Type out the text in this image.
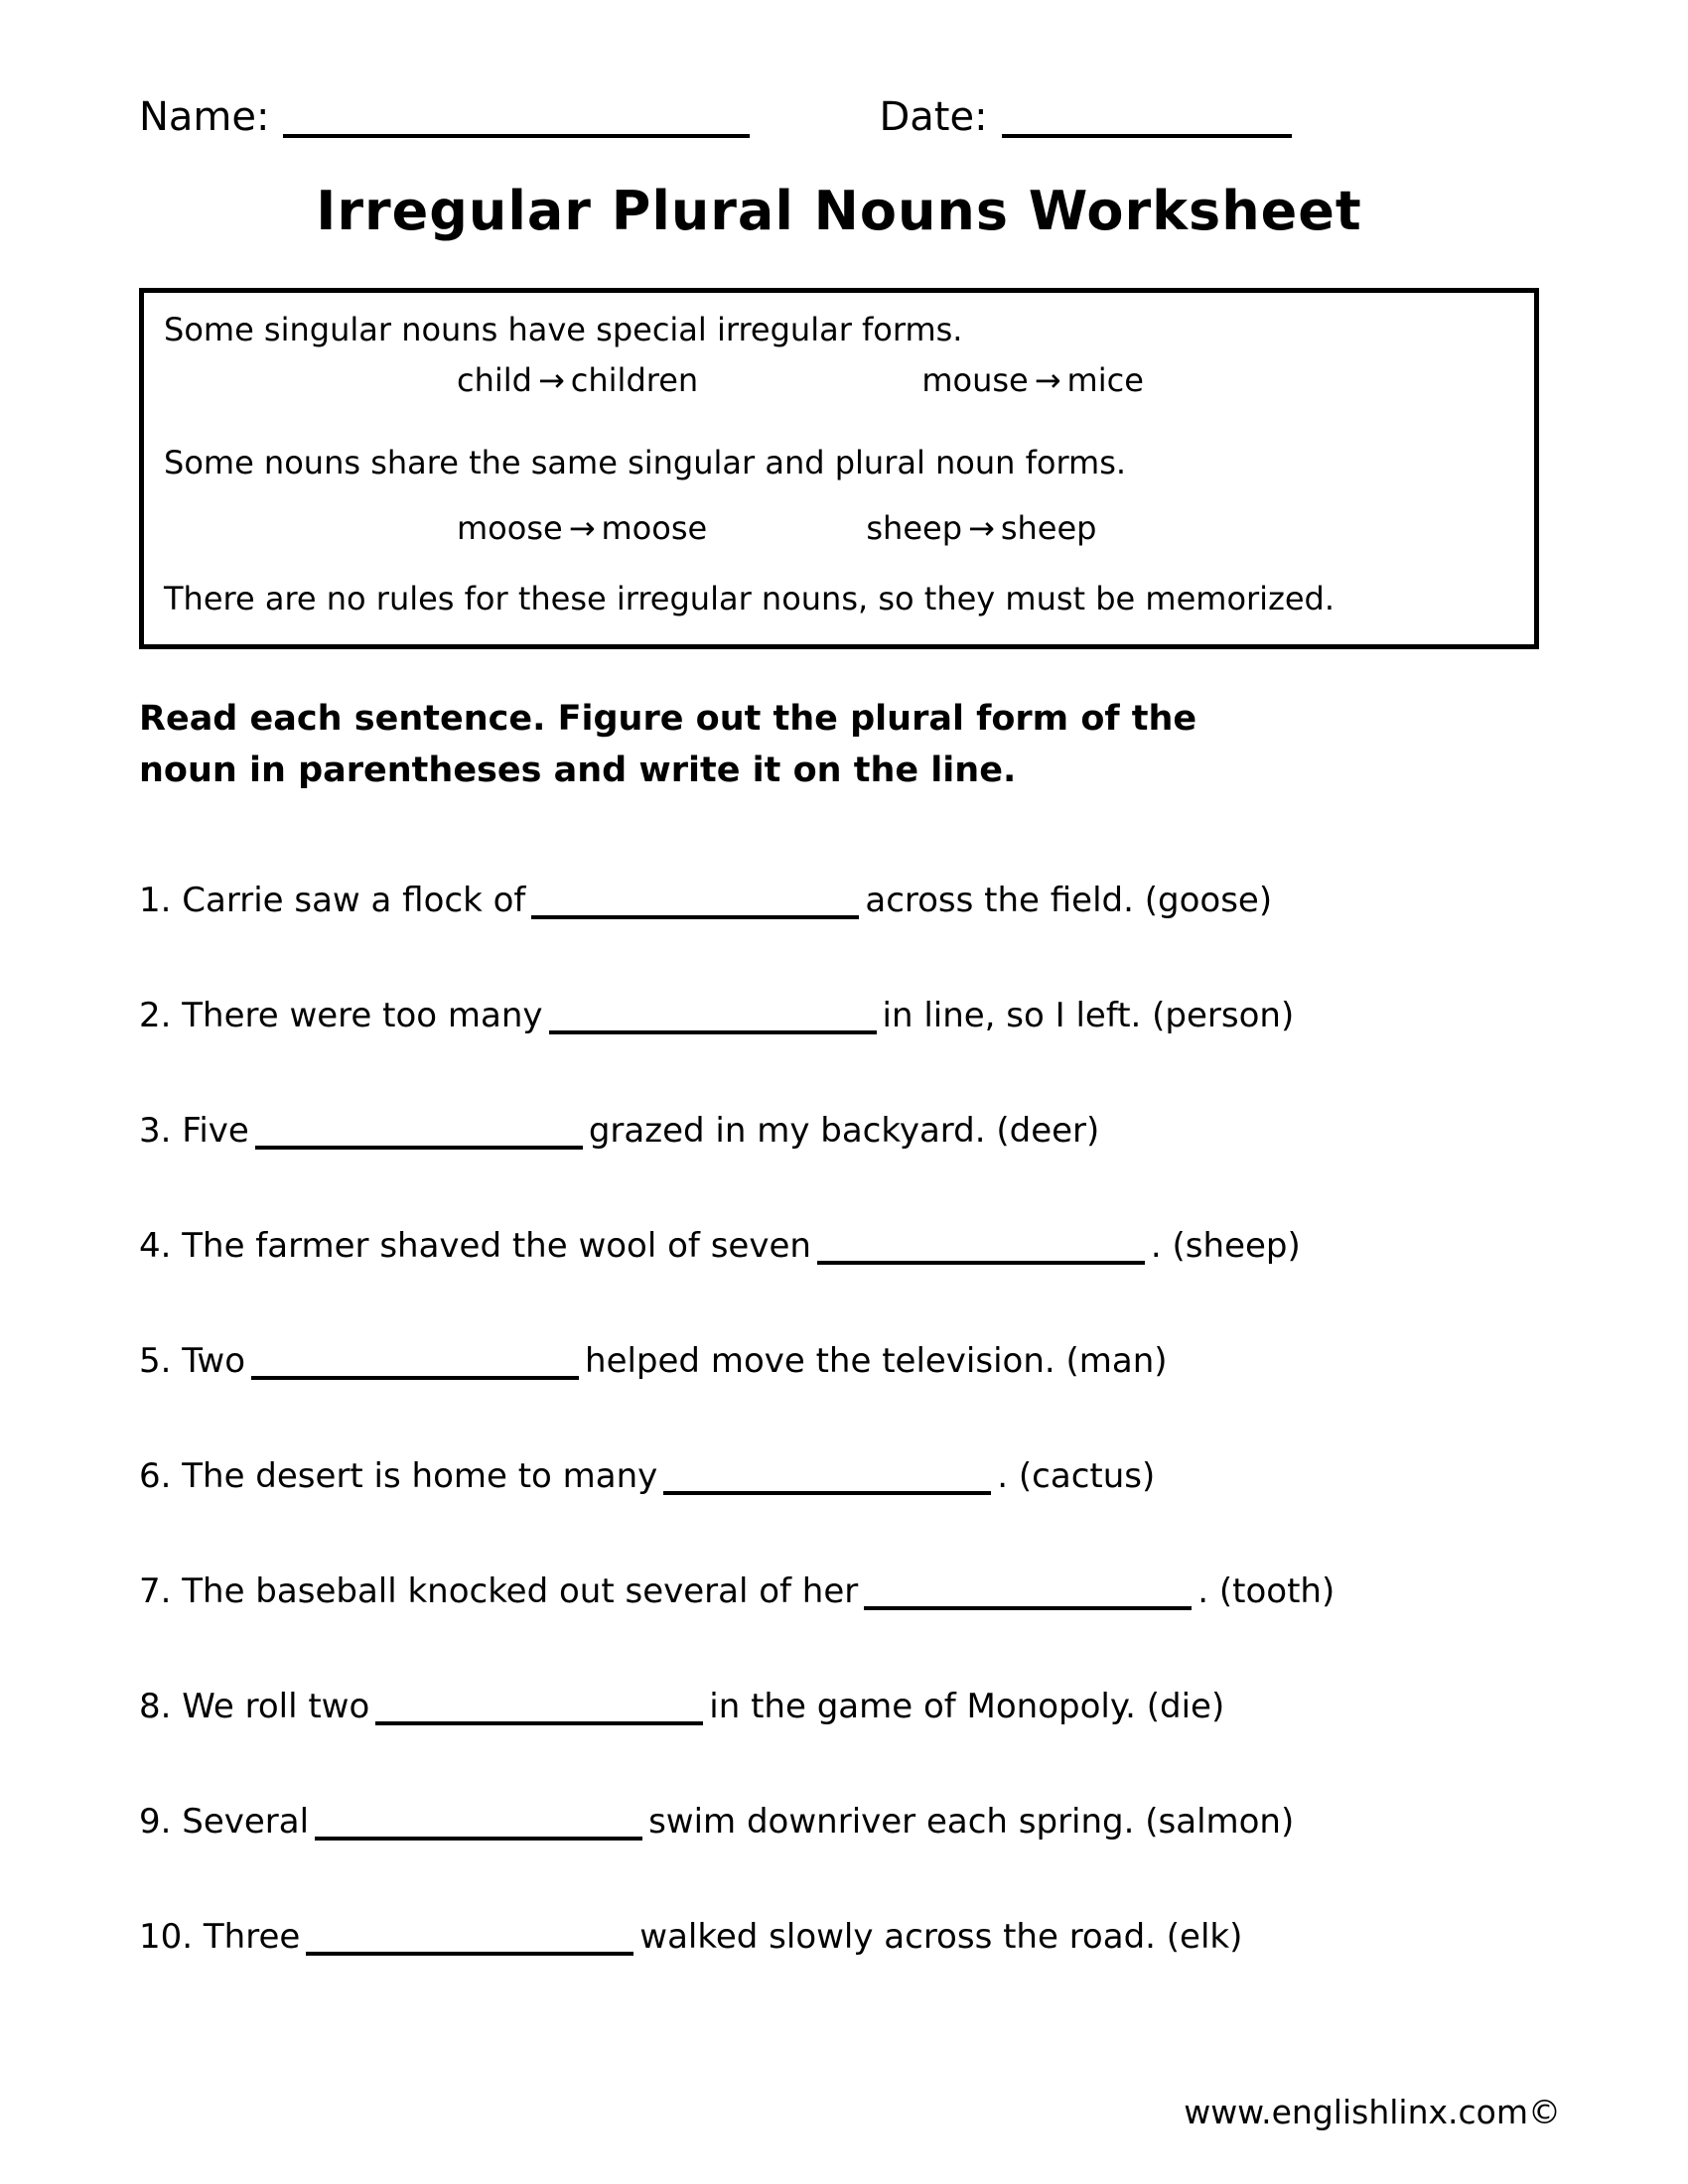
Name:	Date:
Irregular Plural Nouns Worksheet
Some singular nouns have special irregular forms.
child → children	mouse → mice
Some nouns share the same singular and plural noun forms.
moose → moose	sheep → sheep
There are no rules for these irregular nouns, so they must be memorized.
Read each sentence. Figure out the plural form of the noun in parentheses and write it on the line.
1. Carrie saw a flock of	across the field. (goose)
2. There were too many	in line, so I left. (person)
3. Five	grazed in my backyard. (deer)
4. The farmer shaved the wool of seven	. (sheep)
5. Two	helped move the television. (man)
6. The desert is home to many	. (cactus)
7. The baseball knocked out several of her	. (tooth)
8. We roll two	in the game of Monopoly. (die)
9. Several	swim downriver each spring. (salmon)
10. Three	walked slowly across the road. (elk)
www.englishlinx.com©
